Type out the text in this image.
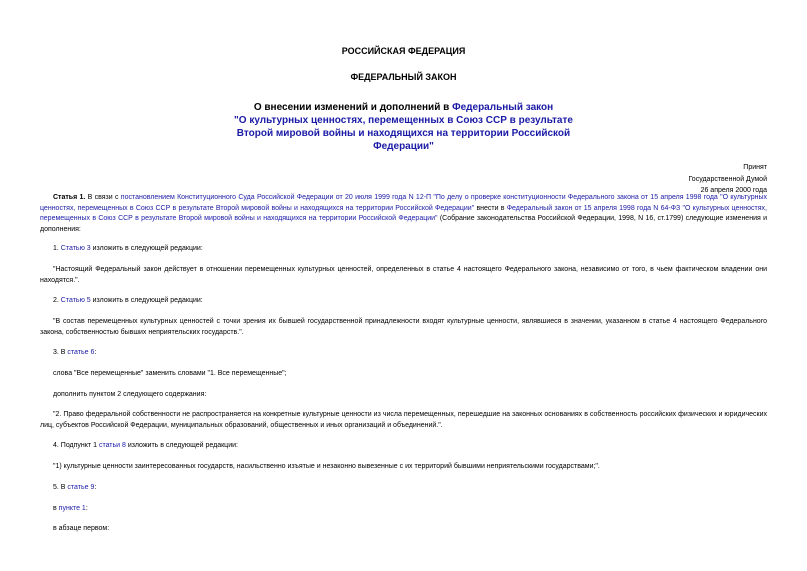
РОССИЙСКАЯ ФЕДЕРАЦИЯ
ФЕДЕРАЛЬНЫЙ ЗАКОН
О внесении изменений и дополнений в Федеральный закон

"О культурных ценностях, перемещенных в Союз ССР в результате Второй мировой войны и находящихся на территории Российской Федерации"
Принят
Государственной Думой
26 апреля 2000 года
Статья 1. В связи с постановлением Конституционного Суда Российской Федерации от 20 июля 1999 года N 12-П "По делу о проверке конституционности Федерального закона от 15 апреля 1998 года "О культурных ценностях, перемещенных в Союз ССР в результате Второй мировой войны и находящихся на территории Российской Федерации" внести в Федеральный закон от 15 апреля 1998 года N 64-ФЗ "О культурных ценностях, перемещенных в Союз ССР в результате Второй мировой войны и находящихся на территории Российской Федерации" (Собрание законодательства Российской Федерации, 1998, N 16, ст.1799) следующие изменения и дополнения:
1. Статью 3 изложить в следующей редакции:
"Настоящий Федеральный закон действует в отношении перемещенных культурных ценностей, определенных в статье 4 настоящего Федерального закона, независимо от того, в чьем фактическом владении они находятся.".
2. Статью 5 изложить в следующей редакции:
"В состав перемещенных культурных ценностей с точки зрения их бывшей государственной принадлежности входят культурные ценности, являвшиеся в значении, указанном в статье 4 настоящего Федерального закона, собственностью бывших неприятельских государств.".
3. В статье 6:
слова "Все перемещенные" заменить словами "1. Все перемещенные";
дополнить пунктом 2 следующего содержания:
"2. Право федеральной собственности не распространяется на конкретные культурные ценности из числа перемещенных, перешедшие на законных основаниях в собственность российских физических и юридических лиц, субъектов Российской Федерации, муниципальных образований, общественных и иных организаций и объединений.".
4. Подпункт 1 статьи 8 изложить в следующей редакции:
"1) культурные ценности заинтересованных государств, насильственно изъятые и незаконно вывезенные с их территорий бывшими неприятельскими государствами;".
5. В статье 9:
в пункте 1:
в абзаце первом:
